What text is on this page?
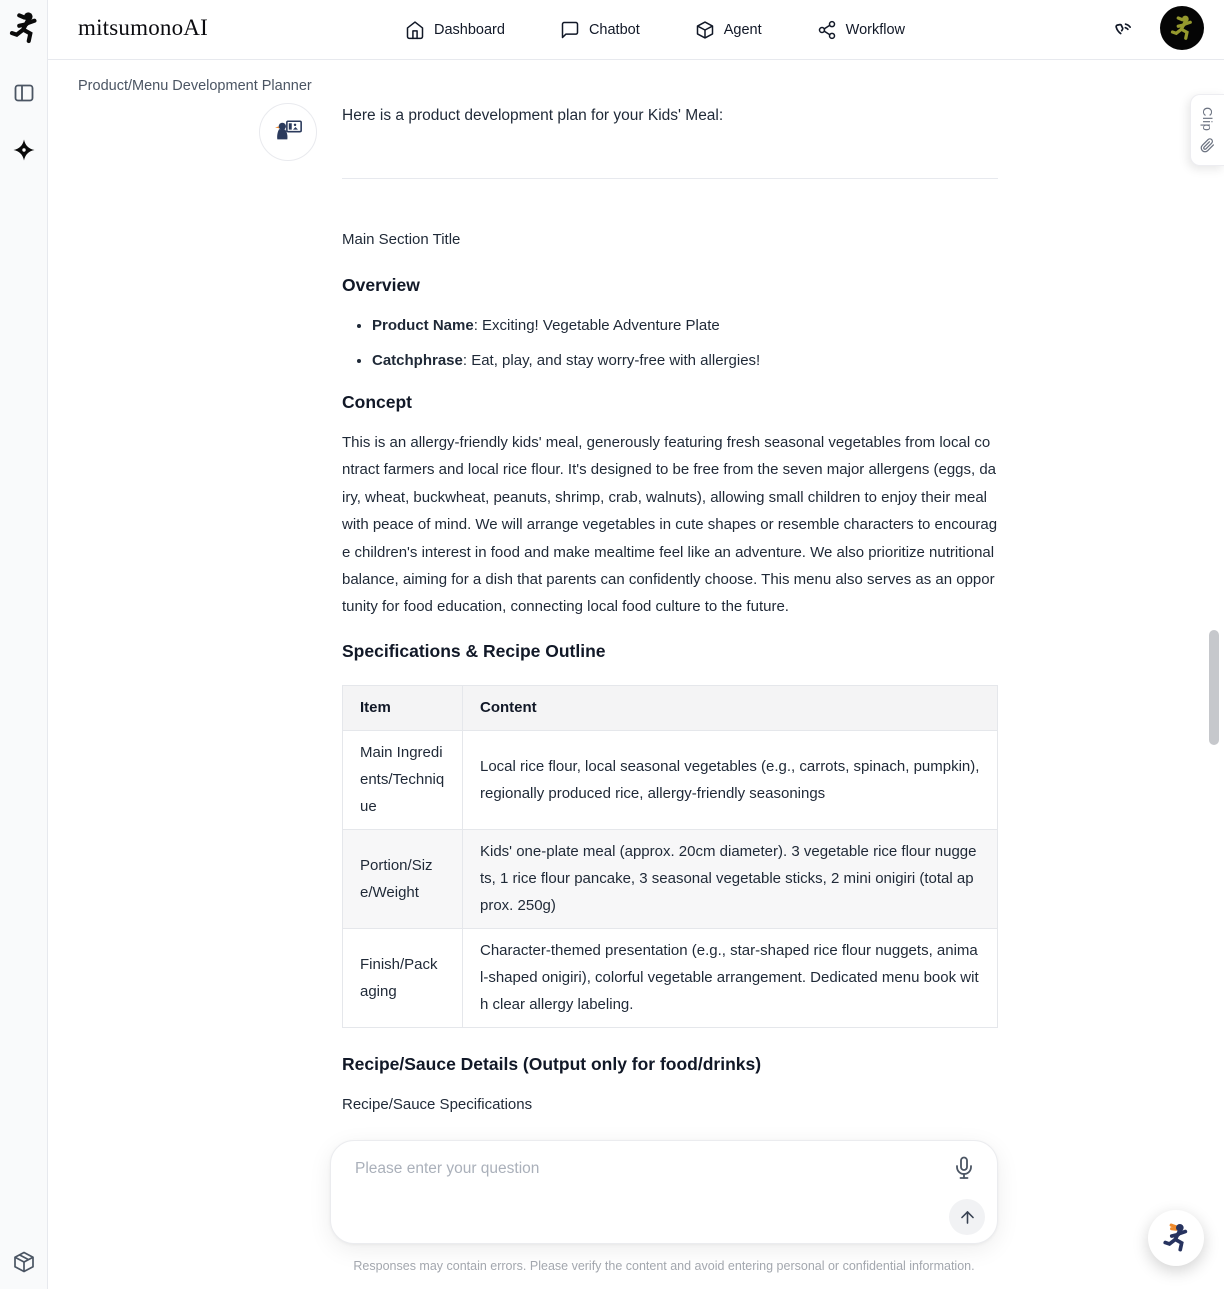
mitsumonoAI	Dashboard	Chatbot	Agent	Workflow
Product/Menu Development Planner
Here is a product development plan for your Kids' Meal:

Main Section Title

Overview
• Product Name: Exciting! Vegetable Adventure Plate
• Catchphrase: Eat, play, and stay worry-free with allergies!
Concept

This is an allergy-friendly kids' meal, generously featuring fresh seasonal vegetables from local contract farmers and local rice flour. It's designed to be free from the seven major allergens (eggs, dairy, wheat, buckwheat, peanuts, shrimp, crab, walnuts), allowing small children to enjoy their meal with peace of mind. We will arrange vegetables in cute shapes or resemble characters to encourage children's interest in food and make mealtime feel like an adventure. We also prioritize nutritional balance, aiming for a dish that parents can confidently choose. This menu also serves as an opportunity for food education, connecting local food culture to the future.

Specifications & Recipe Outline
Item	Content
Main Ingredients/Technique	Local rice flour, local seasonal vegetables (e.g., carrots, spinach, pumpkin), regionally produced rice, allergy-friendly seasonings
Portion/Size/Weight	Kids' one-plate meal (approx. 20cm diameter). 3 vegetable rice flour nuggets, 1 rice flour pancake, 3 seasonal vegetable sticks, 2 mini onigiri (total approx. 250g)
Finish/Packaging	Character-themed presentation (e.g., star-shaped rice flour nuggets, animal-shaped onigiri), colorful vegetable arrangement. Dedicated menu book with clear allergy labeling.
Recipe/Sauce Details (Output only for food/drinks)

Recipe/Sauce Specifications

Clip
Please enter your question
Responses may contain errors. Please verify the content and avoid entering personal or confidential information.
